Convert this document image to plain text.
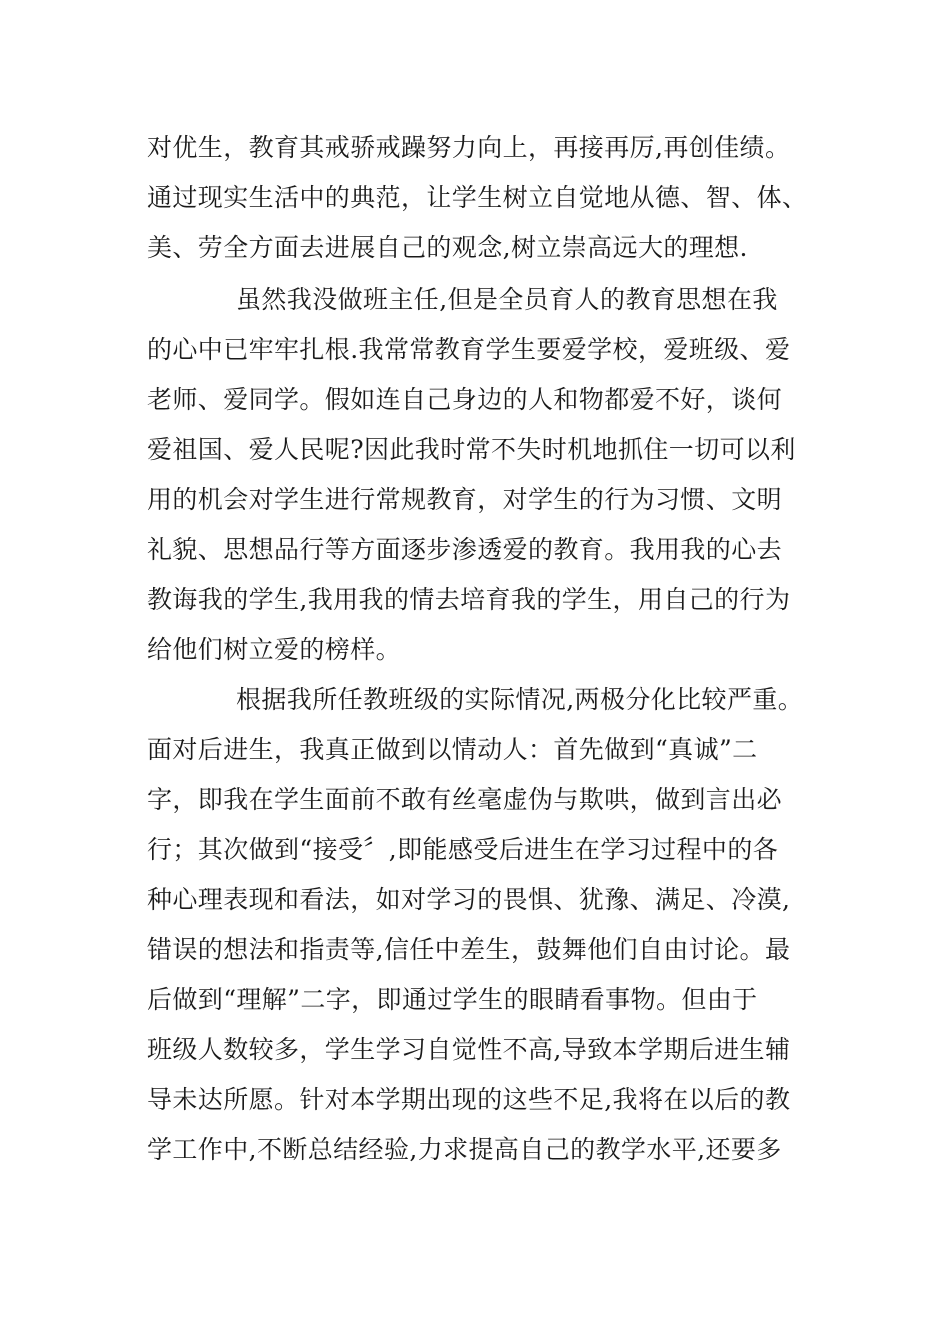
对优生，教育其戒骄戒躁努力向上，再接再厉,再创佳绩。
通过现实生活中的典范，让学生树立自觉地从德、智、体、
美、劳全方面去进展自己的观念,树立崇高远大的理想.
虽然我没做班主任,但是全员育人的教育思想在我
的心中已牢牢扎根.我常常教育学生要爱学校，爱班级、爱
老师、爱同学。假如连自己身边的人和物都爱不好，谈何
爱祖国、爱人民呢?因此我时常不失时机地抓住一切可以利
用的机会对学生进行常规教育，对学生的行为习惯、文明
礼貌、思想品行等方面逐步渗透爱的教育。我用我的心去
教诲我的学生,我用我的情去培育我的学生，用自己的行为
给他们树立爱的榜样。
根据我所任教班级的实际情况,两极分化比较严重。
面对后进生，我真正做到以情动人：首先做到“真诚”二
字，即我在学生面前不敢有丝毫虚伪与欺哄，做到言出必
行；其次做到“接受〞,即能感受后进生在学习过程中的各
种心理表现和看法，如对学习的畏惧、犹豫、满足、冷漠,
错误的想法和指责等,信任中差生，鼓舞他们自由讨论。最
后做到“理解”二字，即通过学生的眼睛看事物。但由于
班级人数较多，学生学习自觉性不高,导致本学期后进生辅
导未达所愿。针对本学期出现的这些不足,我将在以后的教
学工作中,不断总结经验,力求提高自己的教学水平,还要多
